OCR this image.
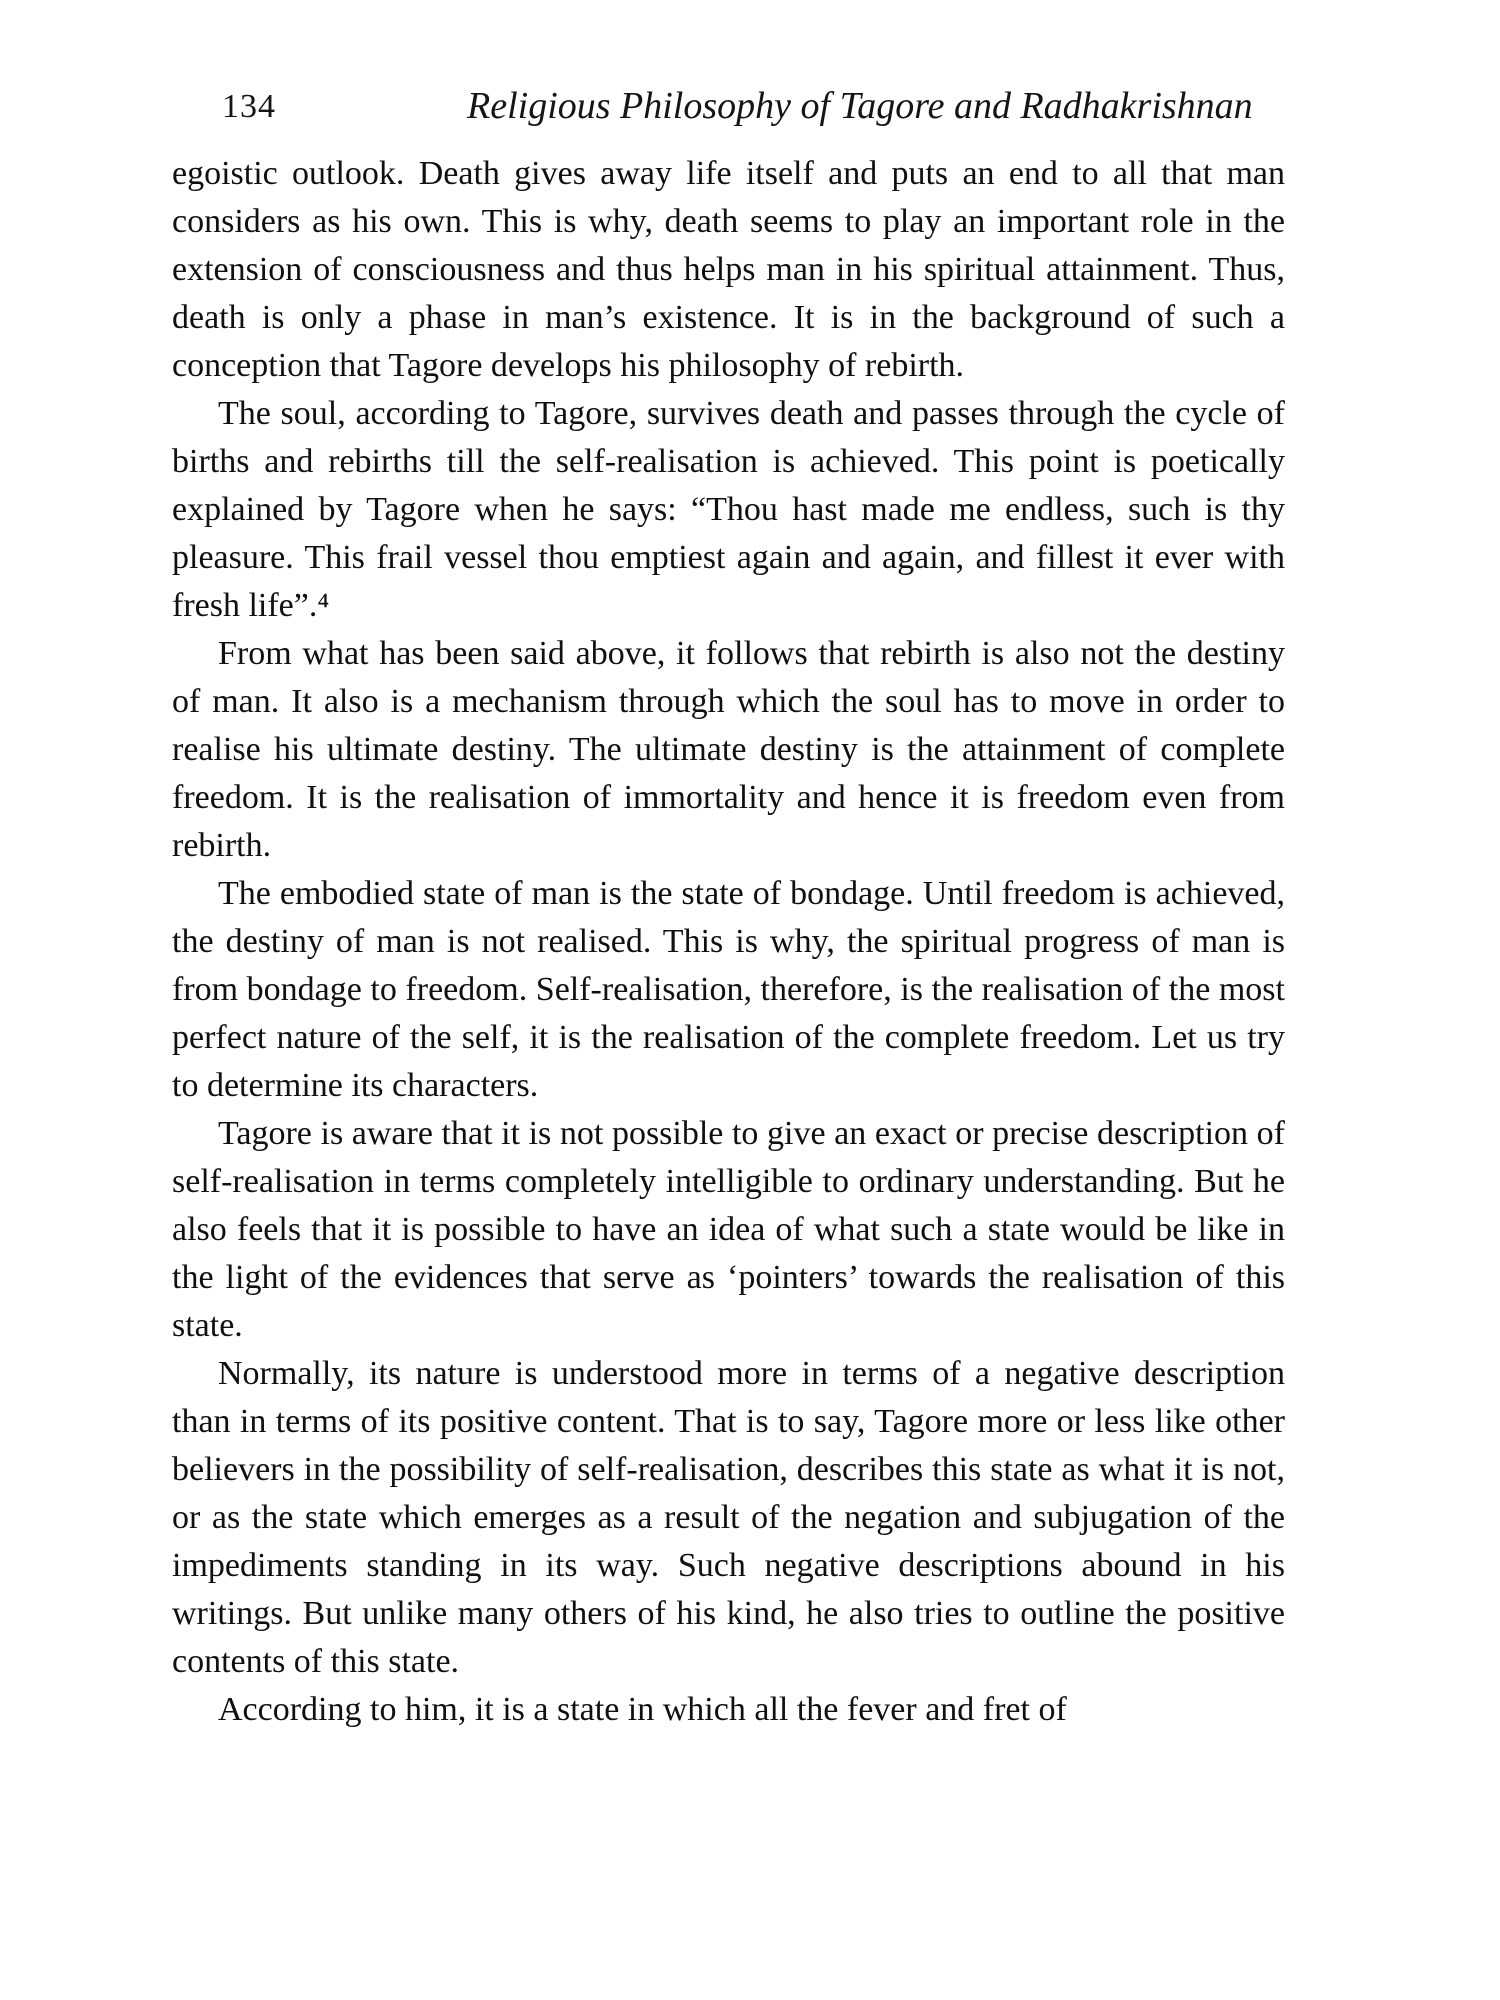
134	Religious Philosophy of Tagore and Radhakrishnan

egoistic outlook. Death gives away life itself and puts an end to all that man considers as his own. This is why, death seems to play an important role in the extension of consciousness and thus helps man in his spiritual attainment. Thus, death is only a phase in man’s existence. It is in the background of such a conception that Tagore develops his philosophy of rebirth.

The soul, according to Tagore, survives death and passes through the cycle of births and rebirths till the self-realisation is achieved. This point is poetically explained by Tagore when he says: “Thou hast made me endless, such is thy pleasure. This frail vessel thou emptiest again and again, and fillest it ever with fresh life”.⁴

From what has been said above, it follows that rebirth is also not the destiny of man. It also is a mechanism through which the soul has to move in order to realise his ultimate destiny. The ultimate destiny is the attainment of complete freedom. It is the realisation of immortality and hence it is freedom even from rebirth.

The embodied state of man is the state of bondage. Until freedom is achieved, the destiny of man is not realised. This is why, the spiritual progress of man is from bondage to freedom. Self-realisation, therefore, is the realisation of the most perfect nature of the self, it is the realisation of the complete freedom. Let us try to determine its characters.

Tagore is aware that it is not possible to give an exact or precise description of self-realisation in terms completely intelligible to ordinary understanding. But he also feels that it is possible to have an idea of what such a state would be like in the light of the evidences that serve as ‘pointers’ towards the realisation of this state.

Normally, its nature is understood more in terms of a negative description than in terms of its positive content. That is to say, Tagore more or less like other believers in the possibility of self-realisation, describes this state as what it is not, or as the state which emerges as a result of the negation and subjugation of the impediments standing in its way. Such negative descriptions abound in his writings. But unlike many others of his kind, he also tries to outline the positive contents of this state.

According to him, it is a state in which all the fever and fret of
